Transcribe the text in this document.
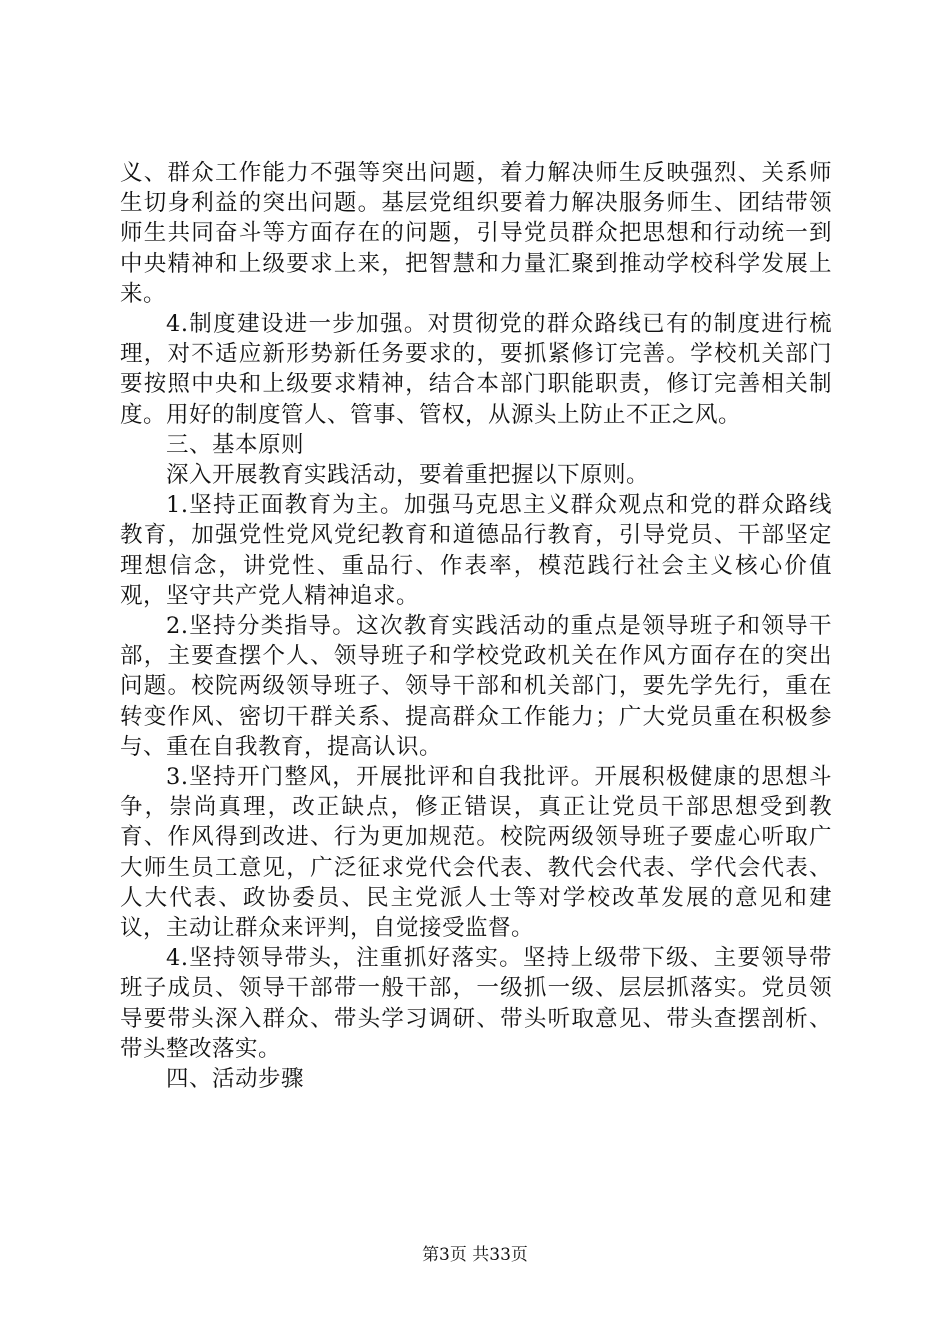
义、群众工作能力不强等突出问题，着力解决师生反映强烈、关系师生切身利益的突出问题。基层党组织要着力解决服务师生、团结带领师生共同奋斗等方面存在的问题，引导党员群众把思想和行动统一到中央精神和上级要求上来，把智慧和力量汇聚到推动学校科学发展上来。

4.制度建设进一步加强。对贯彻党的群众路线已有的制度进行梳理，对不适应新形势新任务要求的，要抓紧修订完善。学校机关部门要按照中央和上级要求精神，结合本部门职能职责，修订完善相关制度。用好的制度管人、管事、管权，从源头上防止不正之风。

三、基本原则

深入开展教育实践活动，要着重把握以下原则。

1.坚持正面教育为主。加强马克思主义群众观点和党的群众路线教育，加强党性党风党纪教育和道德品行教育，引导党员、干部坚定理想信念，讲党性、重品行、作表率，模范践行社会主义核心价值观，坚守共产党人精神追求。

2.坚持分类指导。这次教育实践活动的重点是领导班子和领导干部，主要查摆个人、领导班子和学校党政机关在作风方面存在的突出问题。校院两级领导班子、领导干部和机关部门，要先学先行，重在转变作风、密切干群关系、提高群众工作能力；广大党员重在积极参与、重在自我教育，提高认识。

3.坚持开门整风，开展批评和自我批评。开展积极健康的思想斗争，崇尚真理，改正缺点，修正错误，真正让党员干部思想受到教育、作风得到改进、行为更加规范。校院两级领导班子要虚心听取广大师生员工意见，广泛征求党代会代表、教代会代表、学代会代表、人大代表、政协委员、民主党派人士等对学校改革发展的意见和建议，主动让群众来评判，自觉接受监督。

4.坚持领导带头，注重抓好落实。坚持上级带下级、主要领导带班子成员、领导干部带一般干部，一级抓一级、层层抓落实。党员领导要带头深入群众、带头学习调研、带头听取意见、带头查摆剖析、带头整改落实。

四、活动步骤

第3页 共33页
